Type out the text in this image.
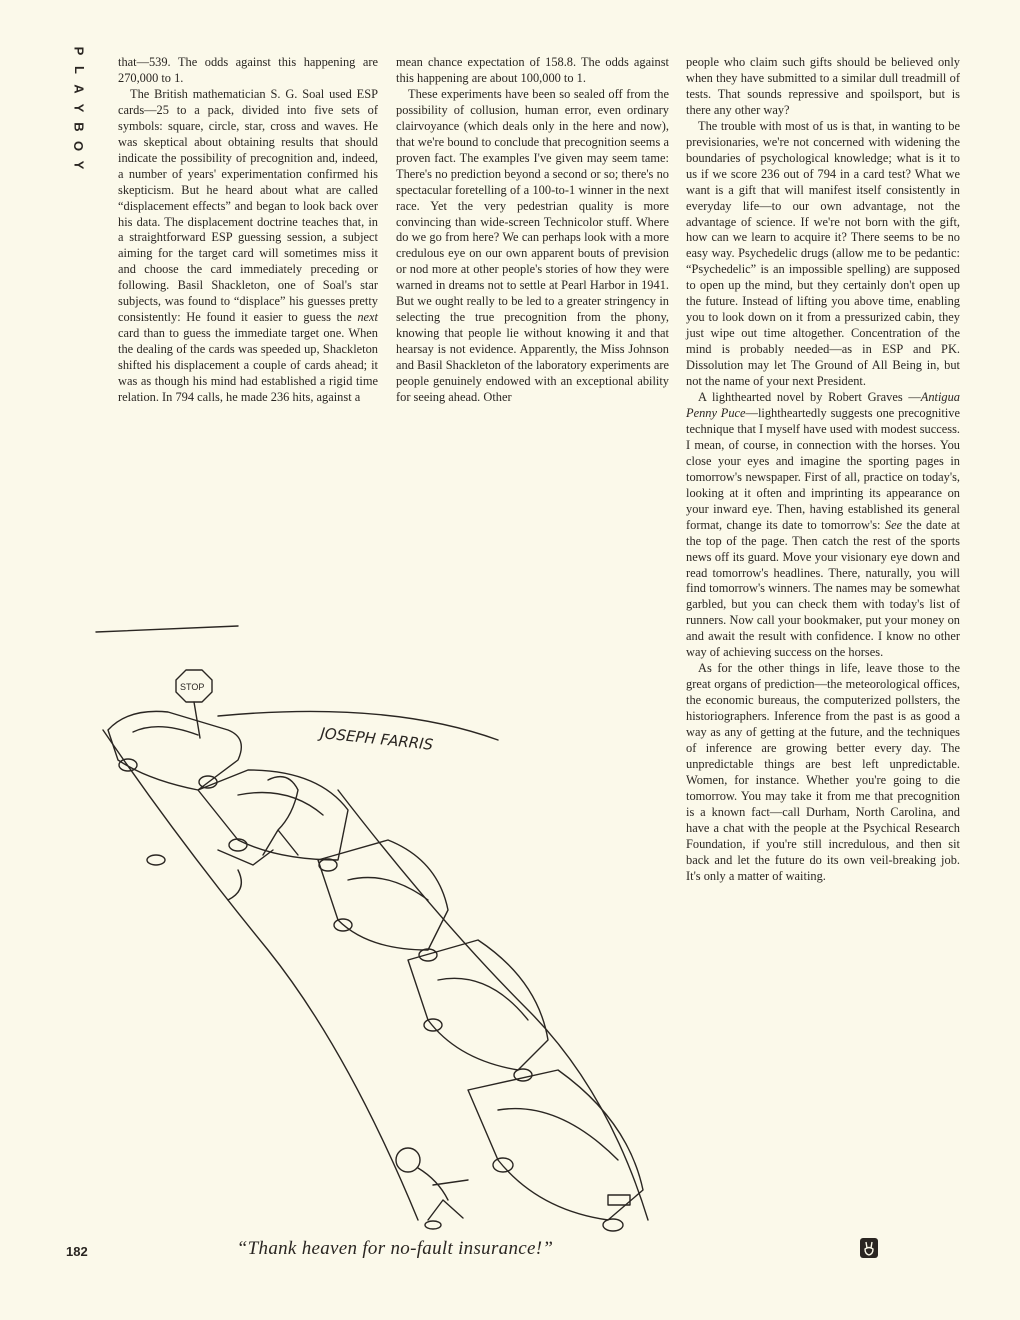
P
L
A
Y
B
O
Y

that—539. The odds against this happening are 270,000 to 1.

The British mathematician S. G. Soal used ESP cards—25 to a pack, divided into five sets of symbols: square, circle, star, cross and waves. He was skeptical about obtaining results that should indicate the possibility of precognition and, indeed, a number of years' experimentation confirmed his skepticism. But he heard about what are called “displacement effects” and began to look back over his data. The displacement doctrine teaches that, in a straightforward ESP guessing session, a subject aiming for the target card will sometimes miss it and choose the card immediately preceding or following. Basil Shackleton, one of Soal's star subjects, was found to “displace” his guesses pretty consistently: He found it easier to guess the next card than to guess the immediate target one. When the dealing of the cards was speeded up, Shackleton shifted his displacement a couple of cards ahead; it was as though his mind had established a rigid time relation. In 794 calls, he made 236 hits, against a

mean chance expectation of 158.8. The odds against this happening are about 100,000 to 1.

These experiments have been so sealed off from the possibility of collusion, human error, even ordinary clairvoyance (which deals only in the here and now), that we're bound to conclude that precognition seems a proven fact. The examples I've given may seem tame: There's no prediction beyond a second or so; there's no spectacular foretelling of a 100-to-1 winner in the next race. Yet the very pedestrian quality is more convincing than wide-screen Technicolor stuff. Where do we go from here? We can perhaps look with a more credulous eye on our own apparent bouts of prevision or nod more at other people's stories of how they were warned in dreams not to settle at Pearl Harbor in 1941. But we ought really to be led to a greater stringency in selecting the true precognition from the phony, knowing that people lie without knowing it and that hearsay is not evidence. Apparently, the Miss Johnson and Basil Shackleton of the laboratory experiments are people genuinely endowed with an exceptional ability for seeing ahead. Other

people who claim such gifts should be believed only when they have submitted to a similar dull treadmill of tests. That sounds repressive and spoilsport, but is there any other way?

The trouble with most of us is that, in wanting to be previsionaries, we're not concerned with widening the boundaries of psychological knowledge; what is it to us if we score 236 out of 794 in a card test? What we want is a gift that will manifest itself consistently in everyday life—to our own advantage, not the advantage of science. If we're not born with the gift, how can we learn to acquire it? There seems to be no easy way. Psychedelic drugs (allow me to be pedantic: “Psychedelic” is an impossible spelling) are supposed to open up the mind, but they certainly don't open up the future. Instead of lifting you above time, enabling you to look down on it from a pressurized cabin, they just wipe out time altogether. Concentration of the mind is probably needed—as in ESP and PK. Dissolution may let The Ground of All Being in, but not the name of your next President.

A lighthearted novel by Robert Graves —Antigua Penny Puce—lightheartedly suggests one precognitive technique that I myself have used with modest success. I mean, of course, in connection with the horses. You close your eyes and imagine the sporting pages in tomorrow's newspaper. First of all, practice on today's, looking at it often and imprinting its appearance on your inward eye. Then, having established its general format, change its date to tomorrow's: See the date at the top of the page. Then catch the rest of the sports news off its guard. Move your visionary eye down and read tomorrow's headlines. There, naturally, you will find tomorrow's winners. The names may be somewhat garbled, but you can check them with today's list of runners. Now call your bookmaker, put your money on and await the result with confidence. I know no other way of achieving success on the horses.

As for the other things in life, leave those to the great organs of prediction—the meteorological offices, the economic bureaus, the computerized pollsters, the historiographers. Inference from the past is as good a way as any of getting at the future, and the techniques of inference are growing better every day. The unpredictable things are best left unpredictable. Women, for instance. Whether you're going to die tomorrow. You may take it from me that precognition is a known fact—call Durham, North Carolina, and have a chat with the people at the Psychical Research Foundation, if you're still incredulous, and then sit back and let the future do its own veil-breaking job. It's only a matter of waiting.

STOP
JOSEPH FARRIS
182	“Thank heaven for no-fault insurance!”
